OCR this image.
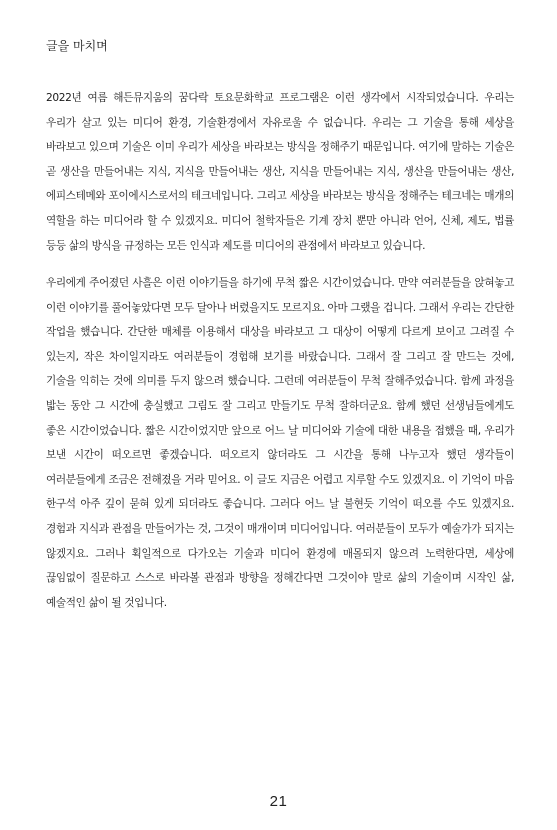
글을 마치며

2022년 여름 해든뮤지움의 꿈다락 토요문화학교 프로그램은 이런 생각에서 시작되었습니다. 우리는 우리가 살고 있는 미디어 환경, 기술환경에서 자유로울 수 없습니다. 우리는 그 기술을 통해 세상을 바라보고 있으며 기술은 이미 우리가 세상을 바라보는 방식을 정해주기 때문입니다. 여기에 말하는 기술은 곧 생산을 만들어내는 지식, 지식을 만들어내는 생산, 지식을 만들어내는 지식, 생산을 만들어내는 생산, 에피스테메와 포이에시스로서의 테크네입니다. 그리고 세상을 바라보는 방식을 정해주는 테크네는 매개의 역할을 하는 미디어라 할 수 있겠지요. 미디어 철학자들은 기계 장치 뿐만 아니라 언어, 신체, 제도, 법률 등등 삶의 방식을 규정하는 모든 인식과 제도를 미디어의 관점에서 바라보고 있습니다.

우리에게 주어졌던 사흘은 이런 이야기들을 하기에 무척 짧은 시간이었습니다. 만약 여러분들을 앉혀놓고 이런 이야기를 풀어놓았다면 모두 달아나 버렸을지도 모르지요. 아마 그랬을 겁니다. 그래서 우리는 간단한 작업을 했습니다. 간단한 매체를 이용해서 대상을 바라보고 그 대상이 어떻게 다르게 보이고 그려질 수 있는지, 작은 차이일지라도 여러분들이 경험해 보기를 바랐습니다. 그래서 잘 그리고 잘 만드는 것에, 기술을 익히는 것에 의미를 두지 않으려 했습니다. 그런데 여러분들이 무척 잘해주었습니다. 함께 과정을 밟는 동안 그 시간에 충실했고 그림도 잘 그리고 만들기도 무척 잘하더군요. 함께 했던 선생님들에게도 좋은 시간이었습니다. 짧은 시간이었지만 앞으로 어느 날 미디어와 기술에 대한 내용을 접했을 때, 우리가 보낸 시간이 떠오르면 좋겠습니다. 떠오르지 않더라도 그 시간을 통해 나누고자 했던 생각들이 여러분들에게 조금은 전해졌을 거라 믿어요. 이 글도 지금은 어렵고 지루할 수도 있겠지요. 이 기억이 마음 한구석 아주 깊이 묻혀 있게 되더라도 좋습니다. 그러다 어느 날 불현듯 기억이 떠오를 수도 있겠지요. 경험과 지식과 관점을 만들어가는 것, 그것이 매개이며 미디어입니다. 여러분들이 모두가 예술가가 되지는 않겠지요. 그러나 획일적으로 다가오는 기술과 미디어 환경에 매몰되지 않으려 노력한다면, 세상에 끊임없이 질문하고 스스로 바라볼 관점과 방향을 정해간다면 그것이야 말로 삶의 기술이며 시작인 삶, 예술적인 삶이 될 것입니다.

21
